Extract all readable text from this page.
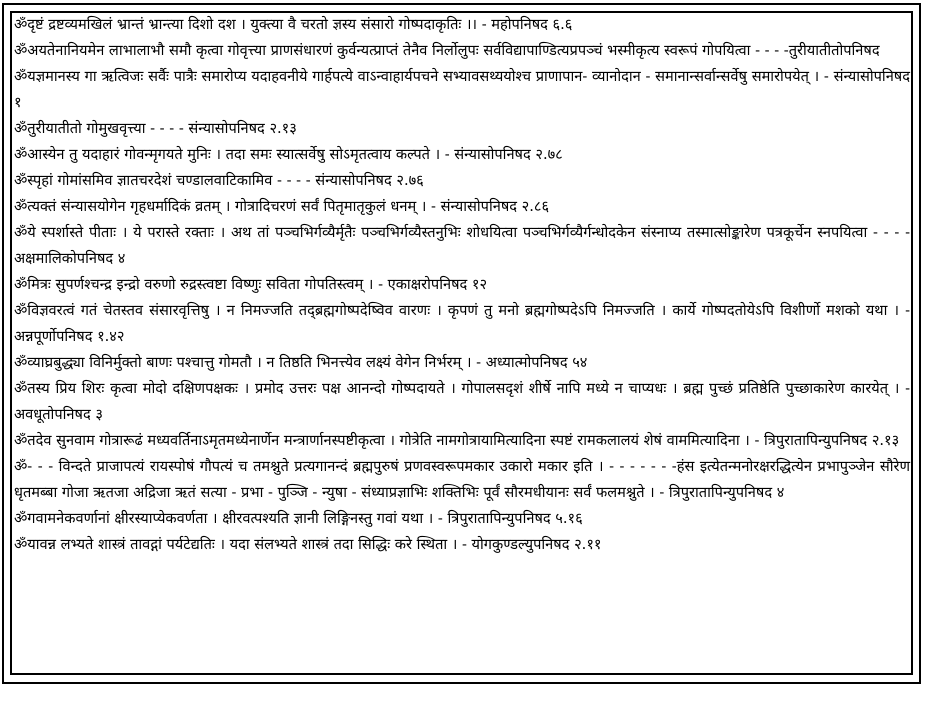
ॐदृष्टं द्रष्टव्यमखिलं भ्रान्तं भ्रान्त्या दिशो दश । युक्त्या वै चरतो ज्ञस्य संसारो गोष्पदाकृतिः ।। - महोपनिषद ६.६

ॐअयतेनानियमेन लाभालाभौ समौ कृत्वा गोवृत्त्या प्राणसंधारणं कुर्वन्यत्प्राप्तं तेनैव निर्लोलुपः सर्वविद्यापाण्डित्यप्रपञ्चं भस्मीकृत्य स्वरूपं गोपयित्वा - - - -तुरीयातीतोपनिषद

ॐयज्ञमानस्य गा ऋत्विजः सर्वैः पात्रैः समारोप्य यदाहवनीये गार्हपत्ये वाऽन्वाहार्यपचने सभ्यावसथ्ययोश्च प्राणापान- व्यानोदान - समानान्सर्वान्सर्वेषु समारोपयेत् । - संन्यासोपनिषद १

ॐतुरीयातीतो गोमुखवृत्त्या - - - - संन्यासोपनिषद २.१३

ॐआस्येन तु यदाहारं गोवन्मृगयते मुनिः । तदा समः स्यात्सर्वेषु सोऽमृतत्वाय कल्पते । - संन्यासोपनिषद २.७८

ॐस्पृहां गोमांसमिव ज्ञातचरदेशं चण्डालवाटिकामिव - - - - संन्यासोपनिषद २.७६

ॐत्यक्तं संन्यासयोगेन गृहधर्मादिकं व्रतम् । गोत्रादिचरणं सर्वं पितृमातृकुलं धनम् । - संन्यासोपनिषद २.८६

ॐये स्पर्शास्ते पीताः । ये परास्ते रक्ताः । अथ तां पञ्चभिर्गव्यैर्मृतैः पञ्चभिर्गव्यैस्तनुभिः शोधयित्वा पञ्चभिर्गव्यैर्गन्धोदकेन संस्नाप्य तस्मात्सोङ्कारेण पत्रकूर्चेन स्नपयित्वा - - - - अक्षमालिकोपनिषद ४

ॐमित्रः सुपर्णश्चन्द्र इन्द्रो वरुणो रुद्रस्त्वष्टा विष्णुः सविता गोपतिस्त्वम् । - एकाक्षरोपनिषद १२

ॐविज्ञवरत्वं गतं चेतस्तव संसारवृत्तिषु । न निमज्जति तद्ब्रह्मगोष्पदेष्विव वारणः । कृपणं तु मनो ब्रह्मगोष्पदेऽपि निमज्जति । कार्ये गोष्पदतोयेऽपि विशीर्णो मशको यथा । - अन्नपूर्णोपनिषद १.४२

ॐव्याघ्रबुद्ध्या विनिर्मुक्तो बाणः पश्चात्तु गोमतौ । न तिष्ठति भिनत्त्येव लक्ष्यं वेगेन निर्भरम् । - अध्यात्मोपनिषद ५४

ॐतस्य प्रिय शिरः कृत्वा मोदो दक्षिणपक्षकः । प्रमोद उत्तरः पक्ष आनन्दो गोष्पदायते । गोपालसदृशं शीर्षे नापि मध्ये न चाप्यधः । ब्रह्म पुच्छं प्रतिष्ठेति पुच्छाकारेण कारयेत् । - अवधूतोपनिषद ३

ॐतदेव सुनवाम गोत्रारूढं मध्यवर्तिनाऽमृतमध्येनार्णेन मन्त्रार्णानस्पष्टीकृत्वा । गोत्रेति नामगोत्रायामित्यादिना स्पष्टं रामकलालयं शेषं वाममित्यादिना । - त्रिपुरातापिन्युपनिषद २.१३

ॐ- - - विन्दते प्राजापत्यं रायस्पोषं गौपत्यं च तमश्नुते प्रत्यगानन्दं ब्रह्मपुरुषं प्रणवस्वरूपमकार उकारो मकार इति । - - - - - - -हंस इत्येतन्मनोरक्षरद्धित्येन प्रभापुञ्जेन सौरेण धृतमब्बा गोजा ऋतजा अद्रिजा ऋतं सत्या - प्रभा - पुञ्जि - न्युषा - संध्याप्रज्ञाभिः शक्तिभिः पूर्वं सौरमधीयानः सर्वं फलमश्नुते । - त्रिपुरातापिन्युपनिषद ४

ॐगवामनेकवर्णानां क्षीरस्याप्येकवर्णता । क्षीरवत्पश्यति ज्ञानी लिङ्गिनस्तु गवां यथा । - त्रिपुरातापिन्युपनिषद ५.१६

ॐयावन्न लभ्यते शास्त्रं तावद्गां पर्यटेद्यतिः । यदा संलभ्यते शास्त्रं तदा सिद्धिः करे स्थिता । - योगकुण्डल्युपनिषद २.११
